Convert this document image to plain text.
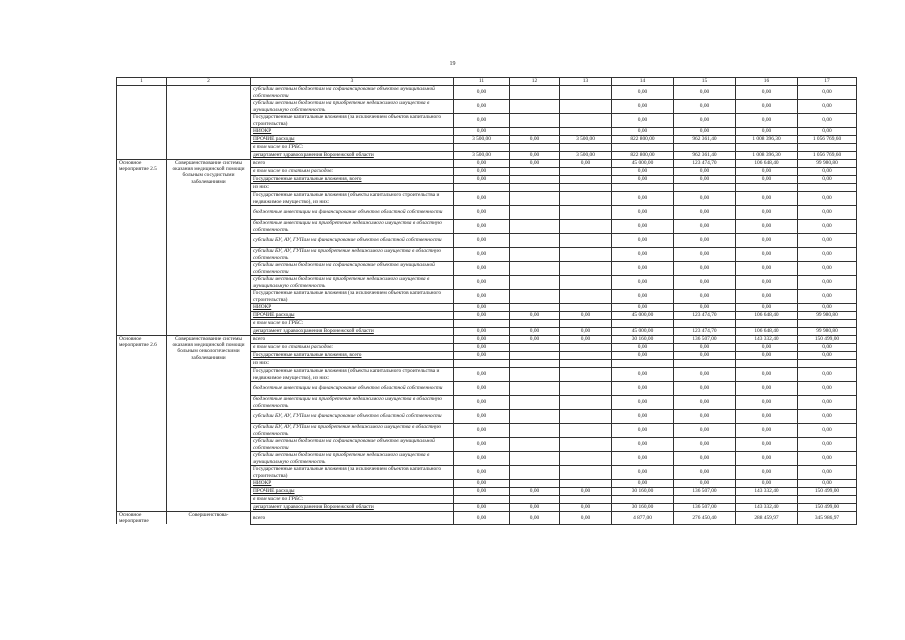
19
1	2	3	11	12	13	14	15	16	17
		субсидии местным бюджетам на софинансирование объектов муниципальной собственности	0,00			0,00	0,00	0,00	0,00
		субсидии местным бюджетам на приобретение недвижимого имущества в муниципальную собственность	0,00			0,00	0,00	0,00	0,00
		Государственные капитальные вложения (за исключением объектов капитального строительства)	0,00			0,00	0,00	0,00	0,00
		НИОКР	0,00			0,00	0,00	0,00	0,00
		ПРОЧИЕ расходы	3 500,00	0,00	3 500,00	822 800,00	962 361,40	1 008 396,30	1 056 769,60
		в том числе по ГРБС:							
		департамент здравоохранения Воронежской области	3 500,00	0,00	3 500,00	822 800,00	962 361,40	1 008 396,30	1 056 769,60
Основное мероприятие 2.5	Совершенствование системы оказания медицинской помощи больным сосудистыми заболеваниями	всего	0,00	0,00	0,00	45 000,00	123 474,70	106 648,40	99 980,80
		в том числе по статьям расходов:	0,00			0,00	0,00	0,00	0,00
		Государственные капитальные вложения, всего	0,00			0,00	0,00	0,00	0,00
		из них:							
		Государственные капитальные вложения (объекты капитального строительства и недвижимое имущество), из них:	0,00			0,00	0,00	0,00	0,00
		бюджетные инвестиции на финансирование объектов областной собственности	0,00			0,00	0,00	0,00	0,00
		бюджетные инвестиции на приобретение недвижимого имущества в областную собственность	0,00			0,00	0,00	0,00	0,00
		субсидии БУ, АУ, ГУПам на финансирование объектов областной собственности	0,00			0,00	0,00	0,00	0,00
		субсидии БУ, АУ, ГУПам на приобретение недвижимого имущества в областную собственность	0,00			0,00	0,00	0,00	0,00
		субсидии местным бюджетам на софинансирование объектов муниципальной собственности	0,00			0,00	0,00	0,00	0,00
		субсидии местным бюджетам на приобретение недвижимого имущества в муниципальную собственность	0,00			0,00	0,00	0,00	0,00
		Государственные капитальные вложения (за исключением объектов капитального строительства)	0,00			0,00	0,00	0,00	0,00
		НИОКР	0,00			0,00	0,00	0,00	0,00
		ПРОЧИЕ расходы	0,00	0,00	0,00	45 000,00	123 474,70	106 648,40	99 980,80
		в том числе по ГРБС:							
		департамент здравоохранения Воронежской области	0,00	0,00	0,00	45 000,00	123 474,70	106 648,40	99 980,80
Основное мероприятие 2.6	Совершенствование системы оказания медицинской помощи больным онкологическими заболеваниями	всего	0,00	0,00	0,00	30 160,00	136 507,00	143 332,40	150 499,00
		в том числе по статьям расходов:	0,00			0,00	0,00	0,00	0,00
		Государственные капитальные вложения, всего	0,00			0,00	0,00	0,00	0,00
		из них:							
		Государственные капитальные вложения (объекты капитального строительства и недвижимое имущество), из них:	0,00			0,00	0,00	0,00	0,00
		бюджетные инвестиции на финансирование объектов областной собственности	0,00			0,00	0,00	0,00	0,00
		бюджетные инвестиции на приобретение недвижимого имущества в областную собственность	0,00			0,00	0,00	0,00	0,00
		субсидии БУ, АУ, ГУПам на финансирование объектов областной собственности	0,00			0,00	0,00	0,00	0,00
		субсидии БУ, АУ, ГУПам на приобретение недвижимого имущества в областную собственность	0,00			0,00	0,00	0,00	0,00
		субсидии местным бюджетам на софинансирование объектов муниципальной собственности	0,00			0,00	0,00	0,00	0,00
		субсидии местным бюджетам на приобретение недвижимого имущества в муниципальную собственность	0,00			0,00	0,00	0,00	0,00
		Государственные капитальные вложения (за исключением объектов капитального строительства)	0,00			0,00	0,00	0,00	0,00
		НИОКР	0,00			0,00	0,00	0,00	0,00
		ПРОЧИЕ расходы	0,00	0,00	0,00	30 160,00	136 507,00	143 332,40	150 499,00
		в том числе по ГРБС:							
		департамент здравоохранения Воронежской области	0,00	0,00	0,00	30 160,00	136 507,00	143 332,40	150 499,00
Основное мероприятие	Совершенствова-	всего	0,00	0,00	0,00	4 877,00	276 450,40	288 459,97	345 986,97
